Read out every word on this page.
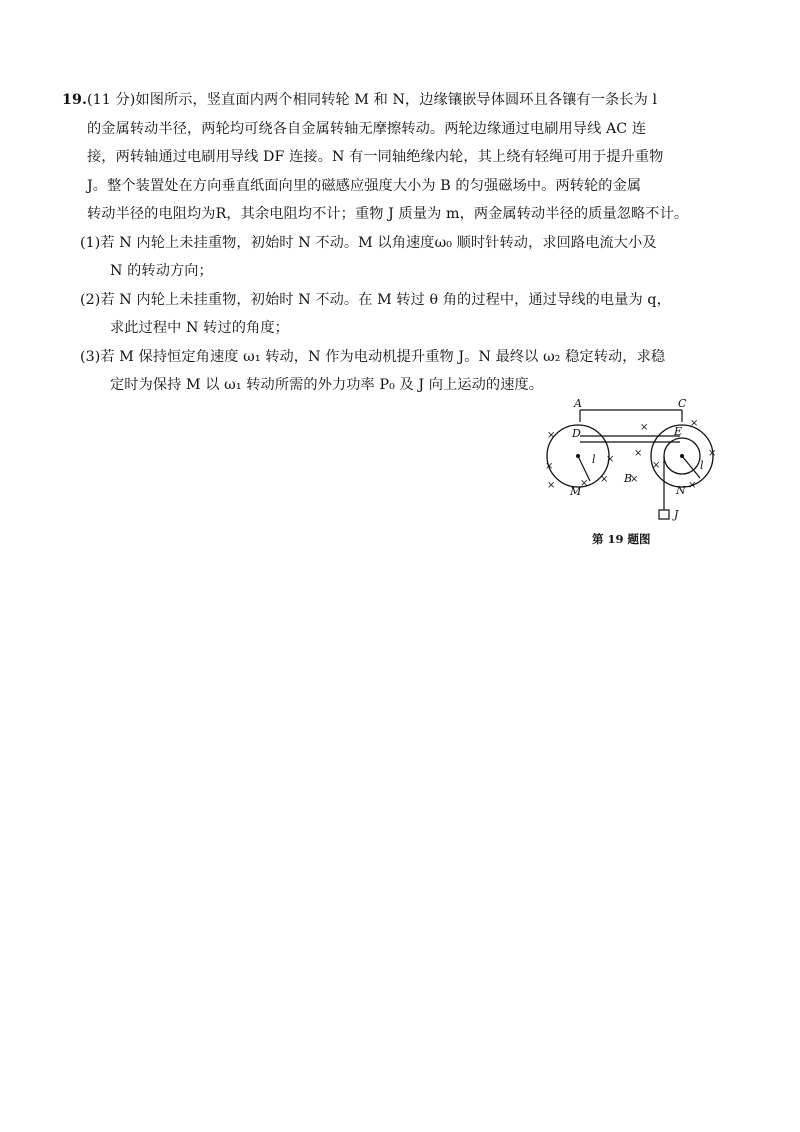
19.(11 分)如图所示，竖直面内两个相同转轮 M 和 N，边缘镶嵌导体圆环且各镶有一条长为 l
的金属转动半径，两轮均可绕各自金属转轴无摩擦转动。两轮边缘通过电刷用导线 AC 连
接，两转轴通过电刷用导线 DF 连接。N 有一同轴绝缘内轮，其上绕有轻绳可用于提升重物
J。整个装置处在方向垂直纸面向里的磁感应强度大小为 B 的匀强磁场中。两转轮的金属
转动半径的电阻均为R，其余电阻均不计；重物 J 质量为 m，两金属转动半径的质量忽略不计。
(1)若 N 内轮上未挂重物，初始时 N 不动。M 以角速度ω₀ 顺时针转动，求回路电流大小及
N 的转动方向；
(2)若 N 内轮上未挂重物，初始时 N 不动。在 M 转过 θ 角的过程中，通过导线的电量为 q，
求此过程中 N 转过的角度；
(3)若 M 保持恒定角速度 ω₁ 转动，N 作为电动机提升重物 J。N 最终以 ω₂ 稳定转动，求稳
定时为保持 M 以 ω₁ 转动所需的外力功率 P₀ 及 J 向上运动的速度。
×
×
× × ×
×
×
×
×
×
×
×
×
A	C
D	E
l	l
M	N
B
J
第 19 题图
